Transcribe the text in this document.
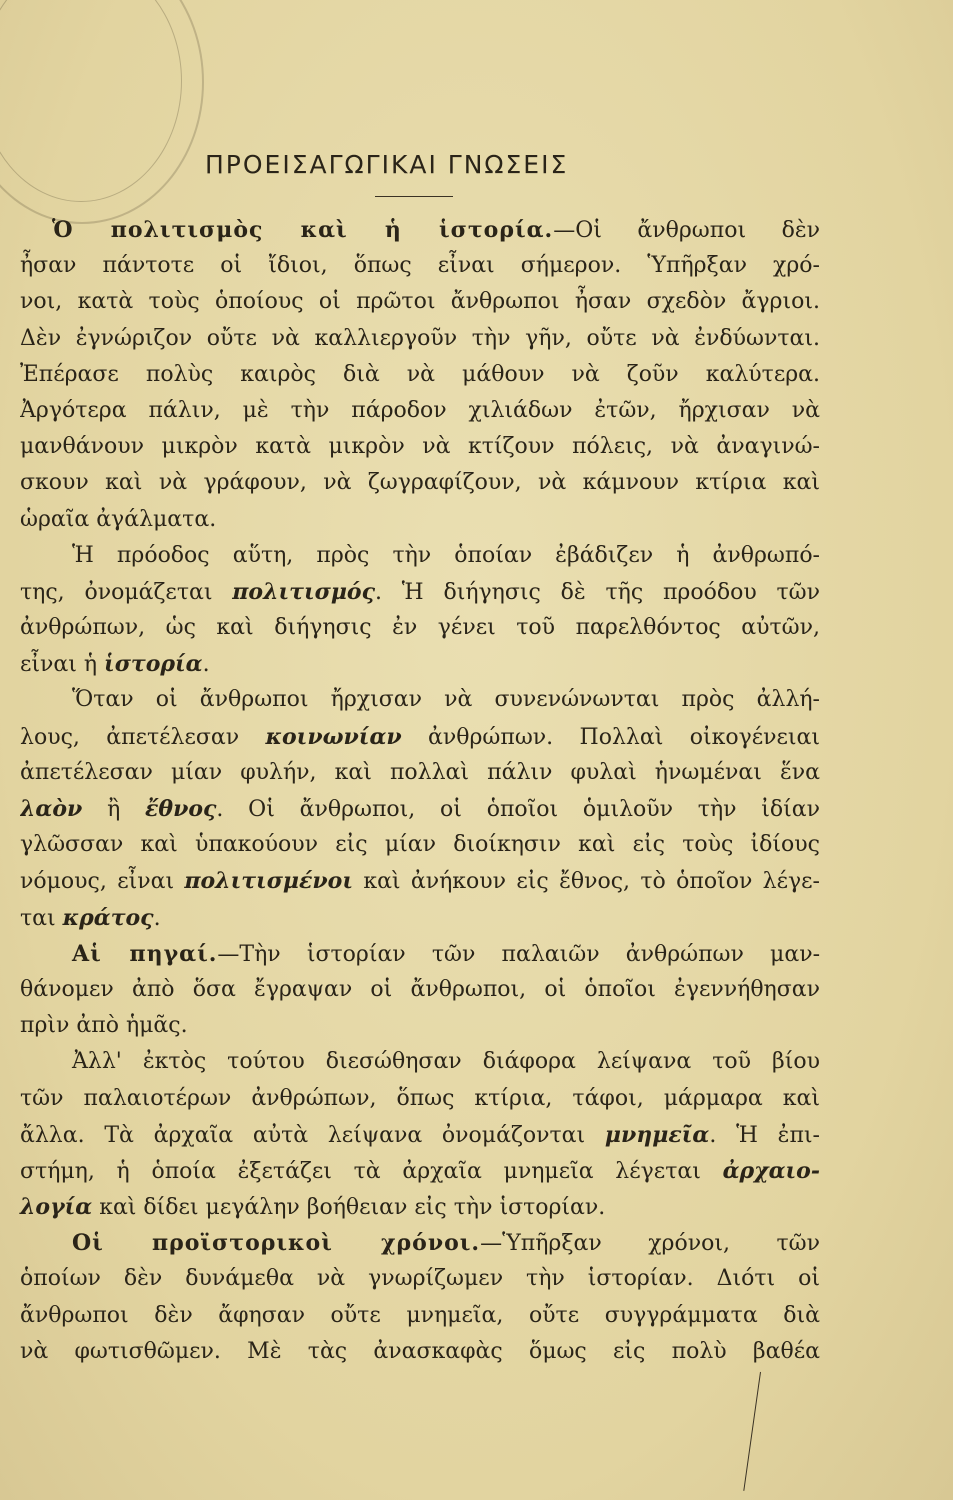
ΠΡΟΕΙΣΑΓΩΓΙΚΑΙ ΓΝΩΣΕΙΣ
Ὁ πολιτισμὸς καὶ ἡ ἱστορία.—Οἱ ἄνθρωποι δὲν
ἦσαν πάντοτε οἱ ἴδιοι, ὅπως εἶναι σήμερον. Ὑπῆρξαν χρό-
νοι, κατὰ τοὺς ὁποίους οἱ πρῶτοι ἄνθρωποι ἦσαν σχεδὸν ἄγριοι.
Δὲν ἐγνώριζον οὔτε νὰ καλλιεργοῦν τὴν γῆν, οὔτε νὰ ἐνδύωνται.
Ἐπέρασε πολὺς καιρὸς διὰ νὰ μάθουν νὰ ζοῦν καλύτερα.
Ἀργότερα πάλιν, μὲ τὴν πάροδον χιλιάδων ἐτῶν, ἤρχισαν νὰ
μανθάνουν μικρὸν κατὰ μικρὸν νὰ κτίζουν πόλεις, νὰ ἀναγινώ-
σκουν καὶ νὰ γράφουν, νὰ ζωγραφίζουν, νὰ κάμνουν κτίρια καὶ
ὡραῖα ἀγάλματα.
Ἡ πρόοδος αὕτη, πρὸς τὴν ὁποίαν ἐβάδιζεν ἡ ἀνθρωπό-
της, ὀνομάζεται πολιτισμός. Ἡ διήγησις δὲ τῆς προόδου τῶν
ἀνθρώπων, ὡς καὶ διήγησις ἐν γένει τοῦ παρελθόντος αὐτῶν,
εἶναι ἡ ἱστορία.
Ὅταν οἱ ἄνθρωποι ἤρχισαν νὰ συνενώνωνται πρὸς ἀλλή-
λους, ἀπετέλεσαν κοινωνίαν ἀνθρώπων. Πολλαὶ οἰκογένειαι
ἀπετέλεσαν μίαν φυλήν, καὶ πολλαὶ πάλιν φυλαὶ ἡνωμέναι ἕνα
λαὸν ἢ ἔθνος. Οἱ ἄνθρωποι, οἱ ὁποῖοι ὁμιλοῦν τὴν ἰδίαν
γλῶσσαν καὶ ὑπακούουν εἰς μίαν διοίκησιν καὶ εἰς τοὺς ἰδίους
νόμους, εἶναι πολιτισμένοι καὶ ἀνήκουν εἰς ἔθνος, τὸ ὁποῖον λέγε-
ται κράτος.
Αἱ πηγαί.—Τὴν ἱστορίαν τῶν παλαιῶν ἀνθρώπων μαν-
θάνομεν ἀπὸ ὅσα ἔγραψαν οἱ ἄνθρωποι, οἱ ὁποῖοι ἐγεννήθησαν
πρὶν ἀπὸ ἡμᾶς.
Ἀλλ' ἐκτὸς τούτου διεσώθησαν διάφορα λείψανα τοῦ βίου
τῶν παλαιοτέρων ἀνθρώπων, ὅπως κτίρια, τάφοι, μάρμαρα καὶ
ἄλλα. Τὰ ἀρχαῖα αὐτὰ λείψανα ὀνομάζονται μνημεῖα. Ἡ ἐπι-
στήμη, ἡ ὁποία ἐξετάζει τὰ ἀρχαῖα μνημεῖα λέγεται ἀρχαιο-
λογία καὶ δίδει μεγάλην βοήθειαν εἰς τὴν ἱστορίαν.
Οἱ προϊστορικοὶ χρόνοι.—Ὑπῆρξαν χρόνοι, τῶν
ὁποίων δὲν δυνάμεθα νὰ γνωρίζωμεν τὴν ἱστορίαν. Διότι οἱ
ἄνθρωποι δὲν ἄφησαν οὔτε μνημεῖα, οὔτε συγγράμματα διὰ
νὰ φωτισθῶμεν. Μὲ τὰς ἀνασκαφὰς ὅμως εἰς πολὺ βαθέα
